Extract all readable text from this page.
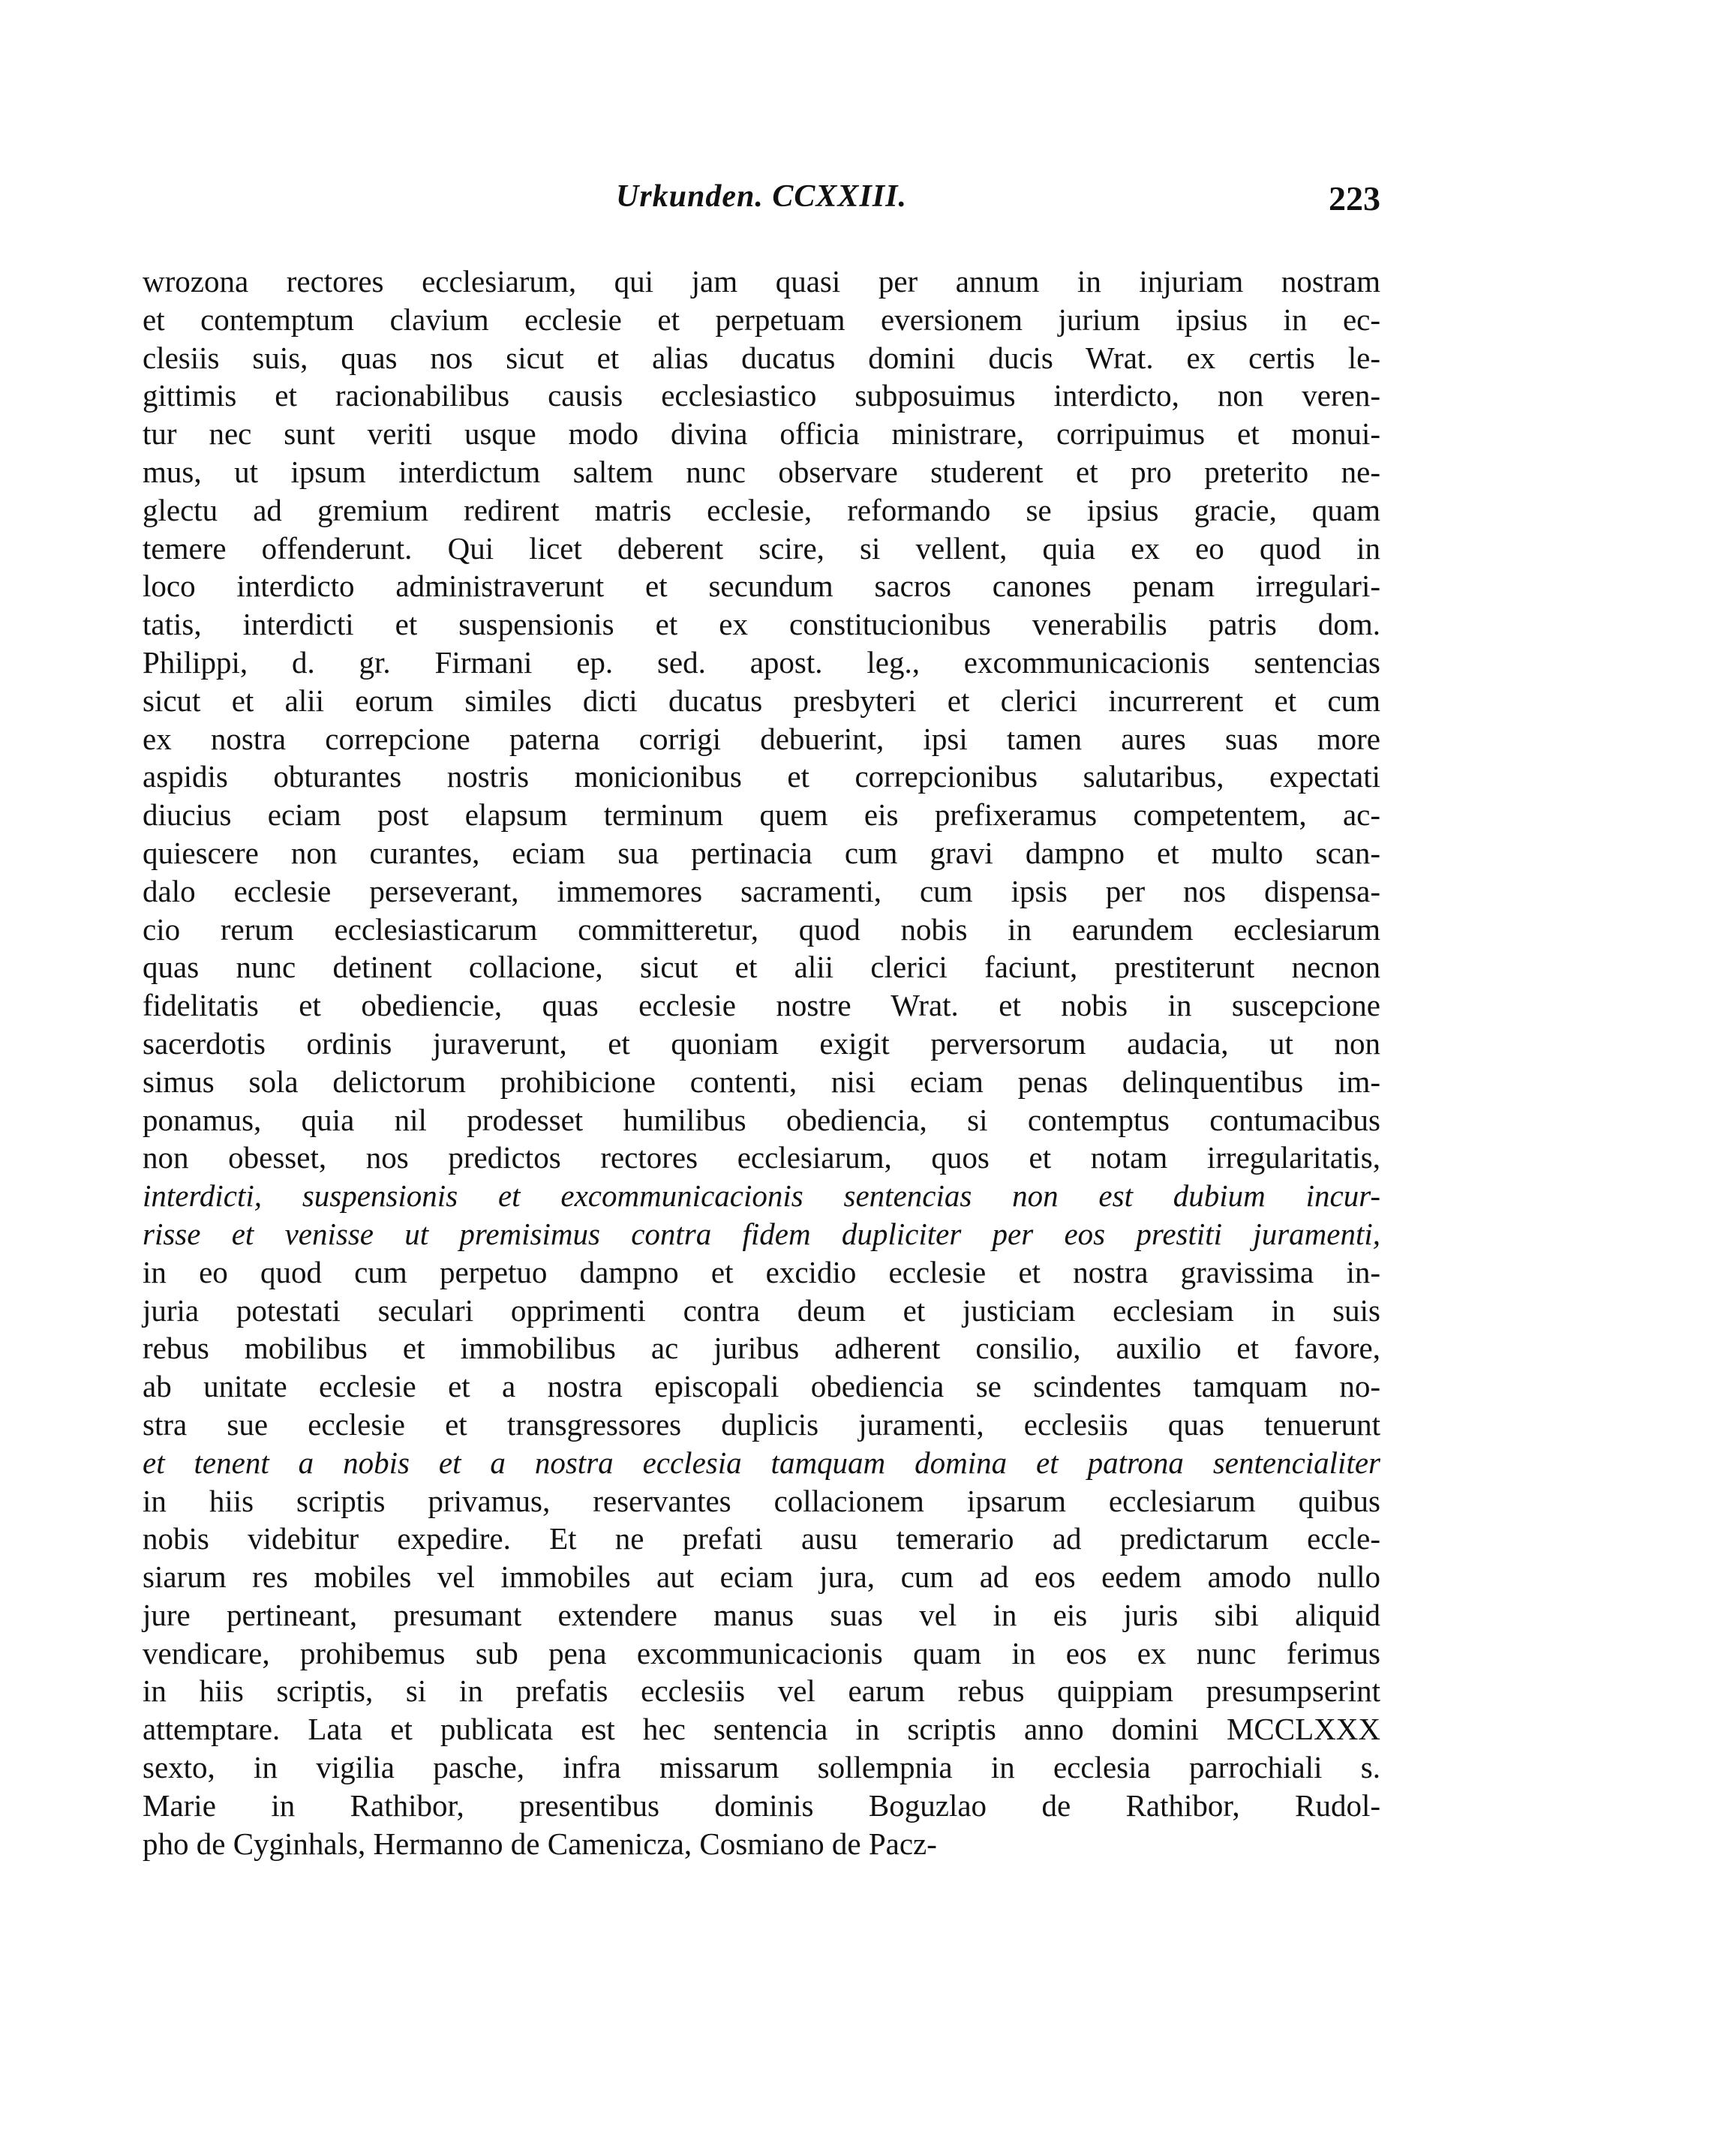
Urkunden. CCXXIII.	223
wrozona rectores ecclesiarum, qui jam quasi per annum in injuriam nostram
et contemptum clavium ecclesie et perpetuam eversionem jurium ipsius in ec-
clesiis suis, quas nos sicut et alias ducatus domini ducis Wrat. ex certis le-
gittimis et racionabilibus causis ecclesiastico subposuimus interdicto, non veren-
tur nec sunt veriti usque modo divina officia ministrare, corripuimus et monui-
mus, ut ipsum interdictum saltem nunc observare studerent et pro preterito ne-
glectu ad gremium redirent matris ecclesie, reformando se ipsius gracie, quam
temere offenderunt. Qui licet deberent scire, si vellent, quia ex eo quod in
loco interdicto administraverunt et secundum sacros canones penam irregulari-
tatis, interdicti et suspensionis et ex constitucionibus venerabilis patris dom.
Philippi, d. gr. Firmani ep. sed. apost. leg., excommunicacionis sentencias
sicut et alii eorum similes dicti ducatus presbyteri et clerici incurrerent et cum
ex nostra correpcione paterna corrigi debuerint, ipsi tamen aures suas more
aspidis obturantes nostris monicionibus et correpcionibus salutaribus, expectati
diucius eciam post elapsum terminum quem eis prefixeramus competentem, ac-
quiescere non curantes, eciam sua pertinacia cum gravi dampno et multo scan-
dalo ecclesie perseverant, immemores sacramenti, cum ipsis per nos dispensa-
cio rerum ecclesiasticarum committeretur, quod nobis in earundem ecclesiarum
quas nunc detinent collacione, sicut et alii clerici faciunt, prestiterunt necnon
fidelitatis et obediencie, quas ecclesie nostre Wrat. et nobis in suscepcione
sacerdotis ordinis juraverunt, et quoniam exigit perversorum audacia, ut non
simus sola delictorum prohibicione contenti, nisi eciam penas delinquentibus im-
ponamus, quia nil prodesset humilibus obediencia, si contemptus contumacibus
non obesset, nos predictos rectores ecclesiarum, quos et notam irregularitatis,
interdicti, suspensionis et excommunicacionis sentencias non est dubium incur-
risse et venisse ut premisimus contra fidem dupliciter per eos prestiti juramenti,
in eo quod cum perpetuo dampno et excidio ecclesie et nostra gravissima in-
juria potestati seculari opprimenti contra deum et justiciam ecclesiam in suis
rebus mobilibus et immobilibus ac juribus adherent consilio, auxilio et favore,
ab unitate ecclesie et a nostra episcopali obediencia se scindentes tamquam no-
stra sue ecclesie et transgressores duplicis juramenti, ecclesiis quas tenuerunt
et tenent a nobis et a nostra ecclesia tamquam domina et patrona sentencialiter
in hiis scriptis privamus, reservantes collacionem ipsarum ecclesiarum quibus
nobis videbitur expedire. Et ne prefati ausu temerario ad predictarum eccle-
siarum res mobiles vel immobiles aut eciam jura, cum ad eos eedem amodo nullo
jure pertineant, presumant extendere manus suas vel in eis juris sibi aliquid
vendicare, prohibemus sub pena excommunicacionis quam in eos ex nunc ferimus
in hiis scriptis, si in prefatis ecclesiis vel earum rebus quippiam presumpserint
attemptare. Lata et publicata est hec sentencia in scriptis anno domini MCCLXXX
sexto, in vigilia pasche, infra missarum sollempnia in ecclesia parrochiali s.
Marie in Rathibor, presentibus dominis Boguzlao de Rathibor, Rudol-
pho de Cyginhals, Hermanno de Camenicza, Cosmiano de Pacz-
